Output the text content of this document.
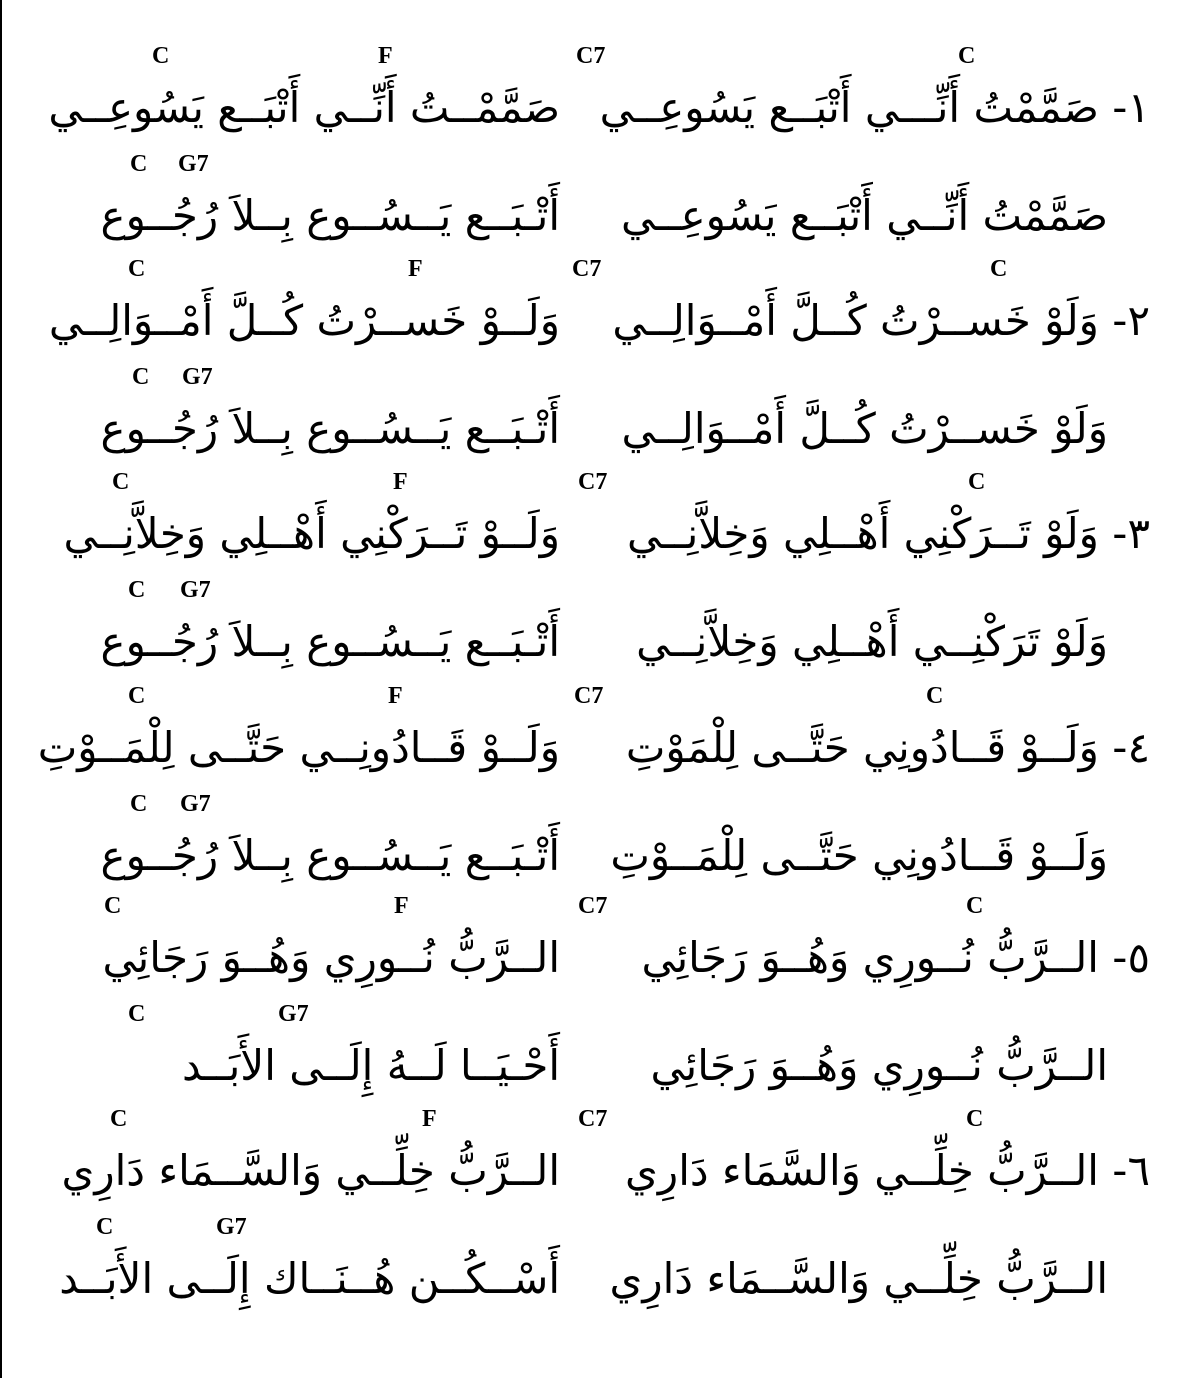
C	F	C7	C
١- صَمَّمْتُ أَنِّـــي أَتْبَــع يَسُوعِــي
صَمَّمْــتُ أَنِّــي أَتْبَــع يَسُوعِــي
C G7
صَمَّمْتُ أَنِّــي أَتْبَــع يَسُوعِــي
أَتْـبَــع يَــسُــوع بِــلاَ رُجُــوع
C	F	C7	C
٢- وَلَوْ خَســرْتُ كُــلَّ أَمْــوَالِــي
وَلَــوْ خَســرْتُ كُــلَّ أَمْــوَالِــي
C G7
وَلَوْ خَســرْتُ كُــلَّ أَمْــوَالِــي
أَتْـبَــع يَــسُــوع بِــلاَ رُجُــوع
C	F	C7	C
٣- وَلَوْ تَــرَكْنِي أَهْــلِي وَخِلاَّنِــي
وَلَــوْ تَــرَكْنِي أَهْــلِي وَخِلاَّنِــي
C G7
وَلَوْ تَرَكْنِــي أَهْــلِي وَخِلاَّنِــي
أَتْـبَــع يَــسُــوع بِــلاَ رُجُــوع
C	F	C7	C
٤- وَلَــوْ قَــادُونِي حَتَّــى لِلْمَوْتِ
وَلَــوْ قَــادُونِــي حَتَّــى لِلْمَــوْتِ
C G7
وَلَــوْ قَــادُونِي حَتَّــى لِلْمَــوْتِ
أَتْـبَــع يَــسُــوع بِــلاَ رُجُــوع
C	F	C7	C
٥- الــرَّبُّ نُــورِي وَهُــوَ رَجَائِي
الــرَّبُّ نُــورِي وَهُــوَ رَجَائِي
C	G7
الــرَّبُّ نُــورِي وَهُــوَ رَجَائِي
أَحْـيَــا لَــهُ إِلَــى الأَبَــد
C	F	C7	C
٦- الــرَّبُّ خِلِّــي وَالسَّمَاء دَارِي
الــرَّبُّ خِلِّــي وَالسَّــمَاء دَارِي
C	G7
الــرَّبُّ خِلِّــي وَالسَّــمَاء دَارِي
أَسْــكُــن هُــنَــاك إِلَــى الأَبَــد
